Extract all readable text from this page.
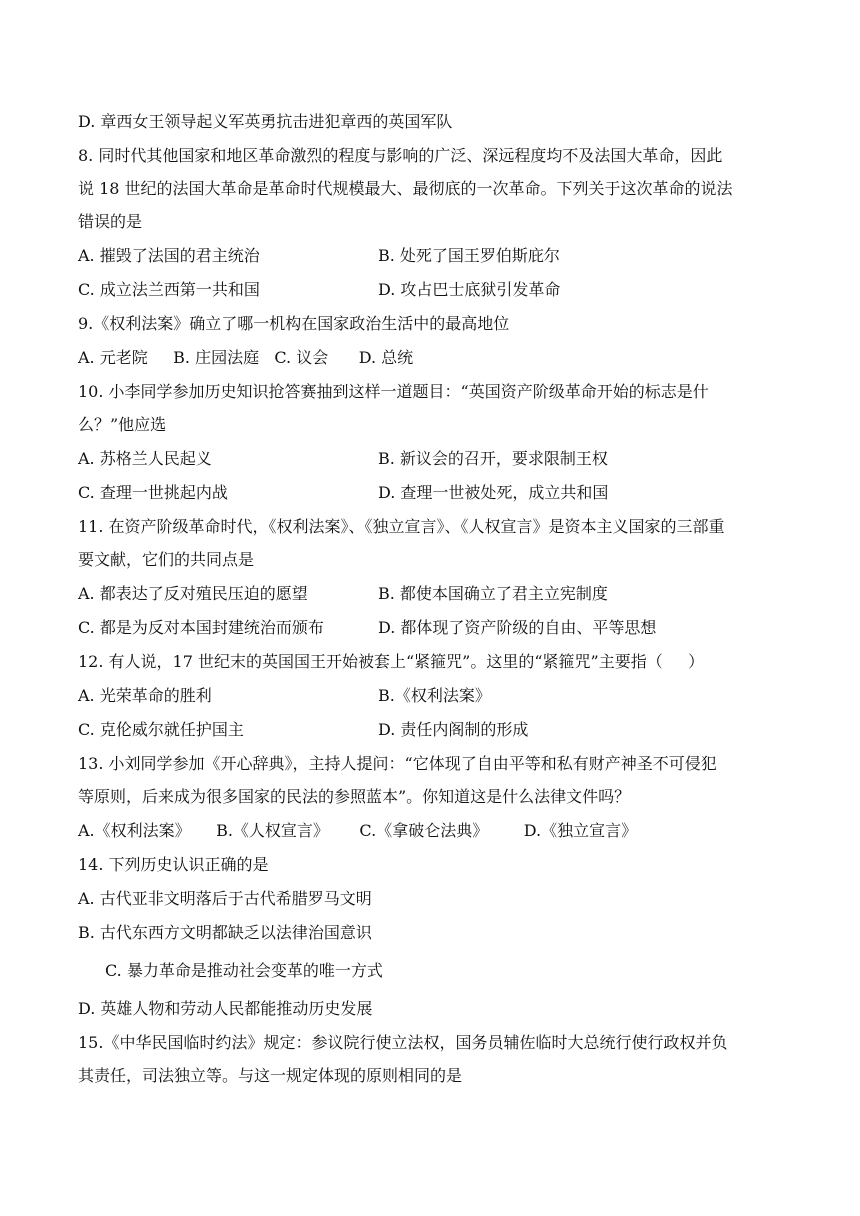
D. 章西女王领导起义军英勇抗击进犯章西的英国军队
8. 同时代其他国家和地区革命激烈的程度与影响的广泛、深远程度均不及法国大革命，因此
说 18 世纪的法国大革命是革命时代规模最大、最彻底的一次革命。下列关于这次革命的说法
错误的是
A. 摧毁了法国的君主统治	B. 处死了国王罗伯斯庇尔
C. 成立法兰西第一共和国	D. 攻占巴士底狱引发革命
9.《权利法案》确立了哪一机构在国家政治生活中的最高地位
A. 元老院     B. 庄园法庭   C. 议会      D. 总统
10. 小李同学参加历史知识抢答赛抽到这样一道题目：“英国资产阶级革命开始的标志是什
么？”他应选
A. 苏格兰人民起义	B. 新议会的召开，要求限制王权
C. 查理一世挑起内战	D. 查理一世被处死，成立共和国
11. 在资产阶级革命时代，《权利法案》、《独立宣言》、《人权宣言》是资本主义国家的三部重
要文献，它们的共同点是
A. 都表达了反对殖民压迫的愿望	B. 都使本国确立了君主立宪制度
C. 都是为反对本国封建统治而颁布	D. 都体现了资产阶级的自由、平等思想
12. 有人说，17 世纪末的英国国王开始被套上“紧箍咒”。这里的“紧箍咒”主要指（     ）
A. 光荣革命的胜利	B.《权利法案》
C. 克伦威尔就任护国主	D. 责任内阁制的形成
13. 小刘同学参加《开心辞典》，主持人提问：“它体现了自由平等和私有财产神圣不可侵犯
等原则，后来成为很多国家的民法的参照蓝本”。你知道这是什么法律文件吗？
A.《权利法案》     B.《人权宣言》      C.《拿破仑法典》       D.《独立宣言》
14. 下列历史认识正确的是
A. 古代亚非文明落后于古代希腊罗马文明
B. 古代东西方文明都缺乏以法律治国意识
C. 暴力革命是推动社会变革的唯一方式
D. 英雄人物和劳动人民都能推动历史发展
15.《中华民国临时约法》规定：参议院行使立法权，国务员辅佐临时大总统行使行政权并负
其责任，司法独立等。与这一规定体现的原则相同的是
